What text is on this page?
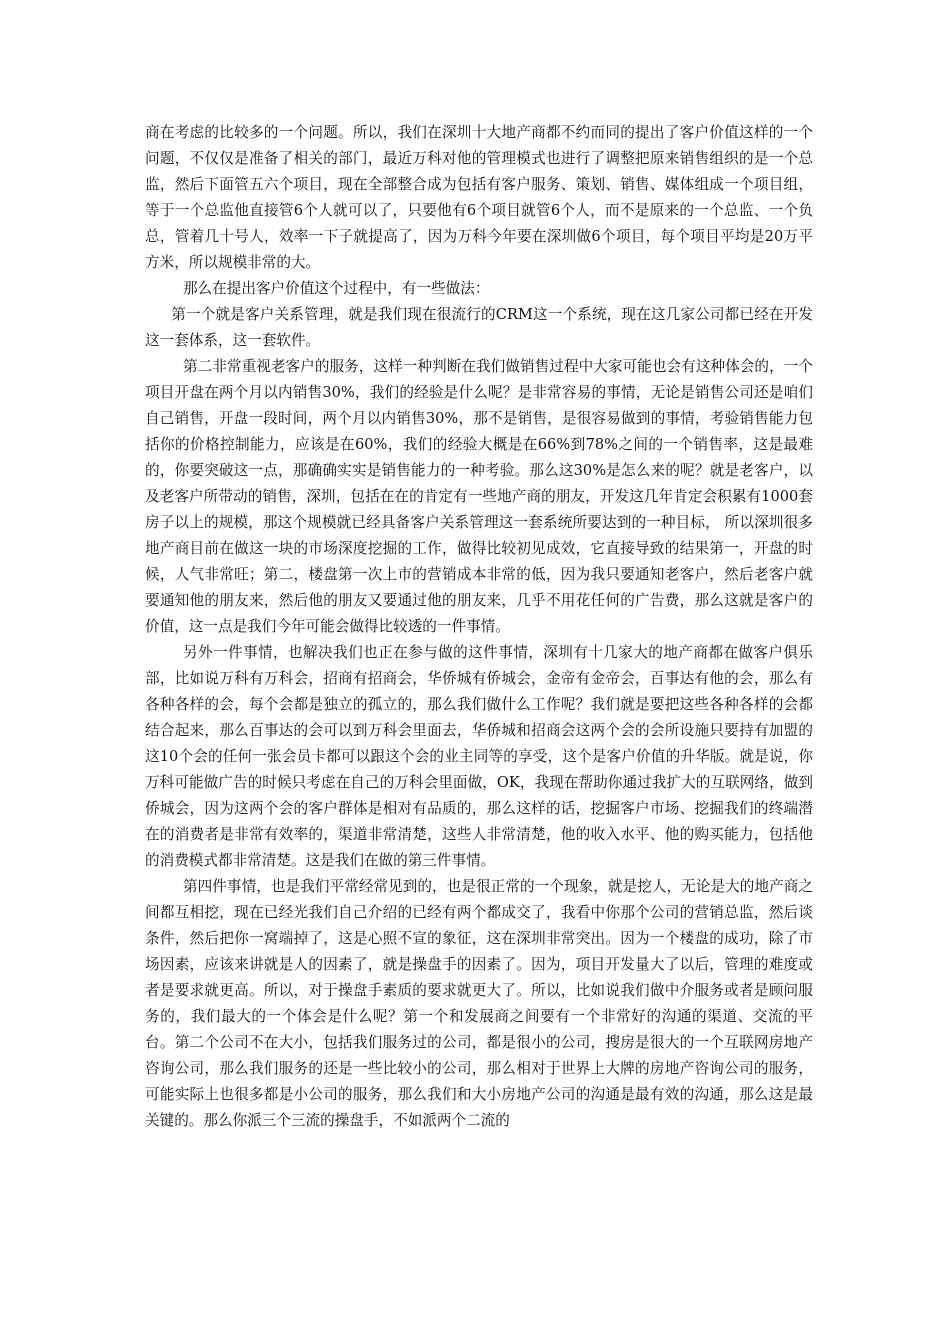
商在考虑的比较多的一个问题。所以，我们在深圳十大地产商都不约而同的提出了客户价值这样的一个问题，不仅仅是准备了相关的部门，最近万科对他的管理模式也进行了调整把原来销售组织的是一个总监，然后下面管五六个项目，现在全部整合成为包括有客户服务、策划、销售、媒体组成一个项目组，等于一个总监他直接管6个人就可以了，只要他有6个项目就管6个人，而不是原来的一个总监、一个负总，管着几十号人，效率一下子就提高了，因为万科今年要在深圳做6个项目，每个项目平均是20万平方米，所以规模非常的大。

那么在提出客户价值这个过程中，有一些做法：

第一个就是客户关系管理，就是我们现在很流行的CRM这一个系统，现在这几家公司都已经在开发这一套体系，这一套软件。

第二非常重视老客户的服务，这样一种判断在我们做销售过程中大家可能也会有这种体会的，一个项目开盘在两个月以内销售30%，我们的经验是什么呢？是非常容易的事情，无论是销售公司还是咱们自己销售，开盘一段时间，两个月以内销售30%，那不是销售，是很容易做到的事情，考验销售能力包括你的价格控制能力，应该是在60%，我们的经验大概是在66%到78%之间的一个销售率，这是最难的，你要突破这一点，那确确实实是销售能力的一种考验。那么这30%是怎么来的呢？就是老客户，以及老客户所带动的销售，深圳，包括在在的肯定有一些地产商的朋友，开发这几年肯定会积累有1000套房子以上的规模，那这个规模就已经具备客户关系管理这一套系统所要达到的一种目标， 所以深圳很多地产商目前在做这一块的市场深度挖掘的工作，做得比较初见成效，它直接导致的结果第一，开盘的时候，人气非常旺；第二，楼盘第一次上市的营销成本非常的低，因为我只要通知老客户，然后老客户就要通知他的朋友来，然后他的朋友又要通过他的朋友来，几乎不用花任何的广告费，那么这就是客户的价值，这一点是我们今年可能会做得比较透的一件事情。

另外一件事情，也解决我们也正在参与做的这件事情，深圳有十几家大的地产商都在做客户俱乐部，比如说万科有万科会，招商有招商会，华侨城有侨城会，金帝有金帝会，百事达有他的会，那么有各种各样的会，每个会都是独立的孤立的，那么我们做什么工作呢？我们就是要把这些各种各样的会都结合起来，那么百事达的会可以到万科会里面去，华侨城和招商会这两个会的会所设施只要持有加盟的这10个会的任何一张会员卡都可以跟这个会的业主同等的享受，这个是客户价值的升华版。就是说，你万科可能做广告的时候只考虑在自己的万科会里面做，OK，我现在帮助你通过我扩大的互联网络，做到侨城会，因为这两个会的客户群体是相对有品质的，那么这样的话，挖掘客户市场、挖掘我们的终端潜在的消费者是非常有效率的，渠道非常清楚，这些人非常清楚，他的收入水平、他的购买能力，包括他的消费模式都非常清楚。这是我们在做的第三件事情。

第四件事情，也是我们平常经常见到的，也是很正常的一个现象，就是挖人，无论是大的地产商之间都互相挖，现在已经光我们自己介绍的已经有两个都成交了，我看中你那个公司的营销总监，然后谈条件，然后把你一窝端掉了，这是心照不宣的象征，这在深圳非常突出。因为一个楼盘的成功，除了市场因素，应该来讲就是人的因素了，就是操盘手的因素了。因为，项目开发量大了以后，管理的难度或者是要求就更高。所以，对于操盘手素质的要求就更大了。所以，比如说我们做中介服务或者是顾问服务的，我们最大的一个体会是什么呢？第一个和发展商之间要有一个非常好的沟通的渠道、交流的平台。第二个公司不在大小，包括我们服务过的公司，都是很小的公司，搜房是很大的一个互联网房地产咨询公司，那么我们服务的还是一些比较小的公司，那么相对于世界上大牌的房地产咨询公司的服务，可能实际上也很多都是小公司的服务，那么我们和大小房地产公司的沟通是最有效的沟通，那么这是最关键的。那么你派三个三流的操盘手，不如派两个二流的
